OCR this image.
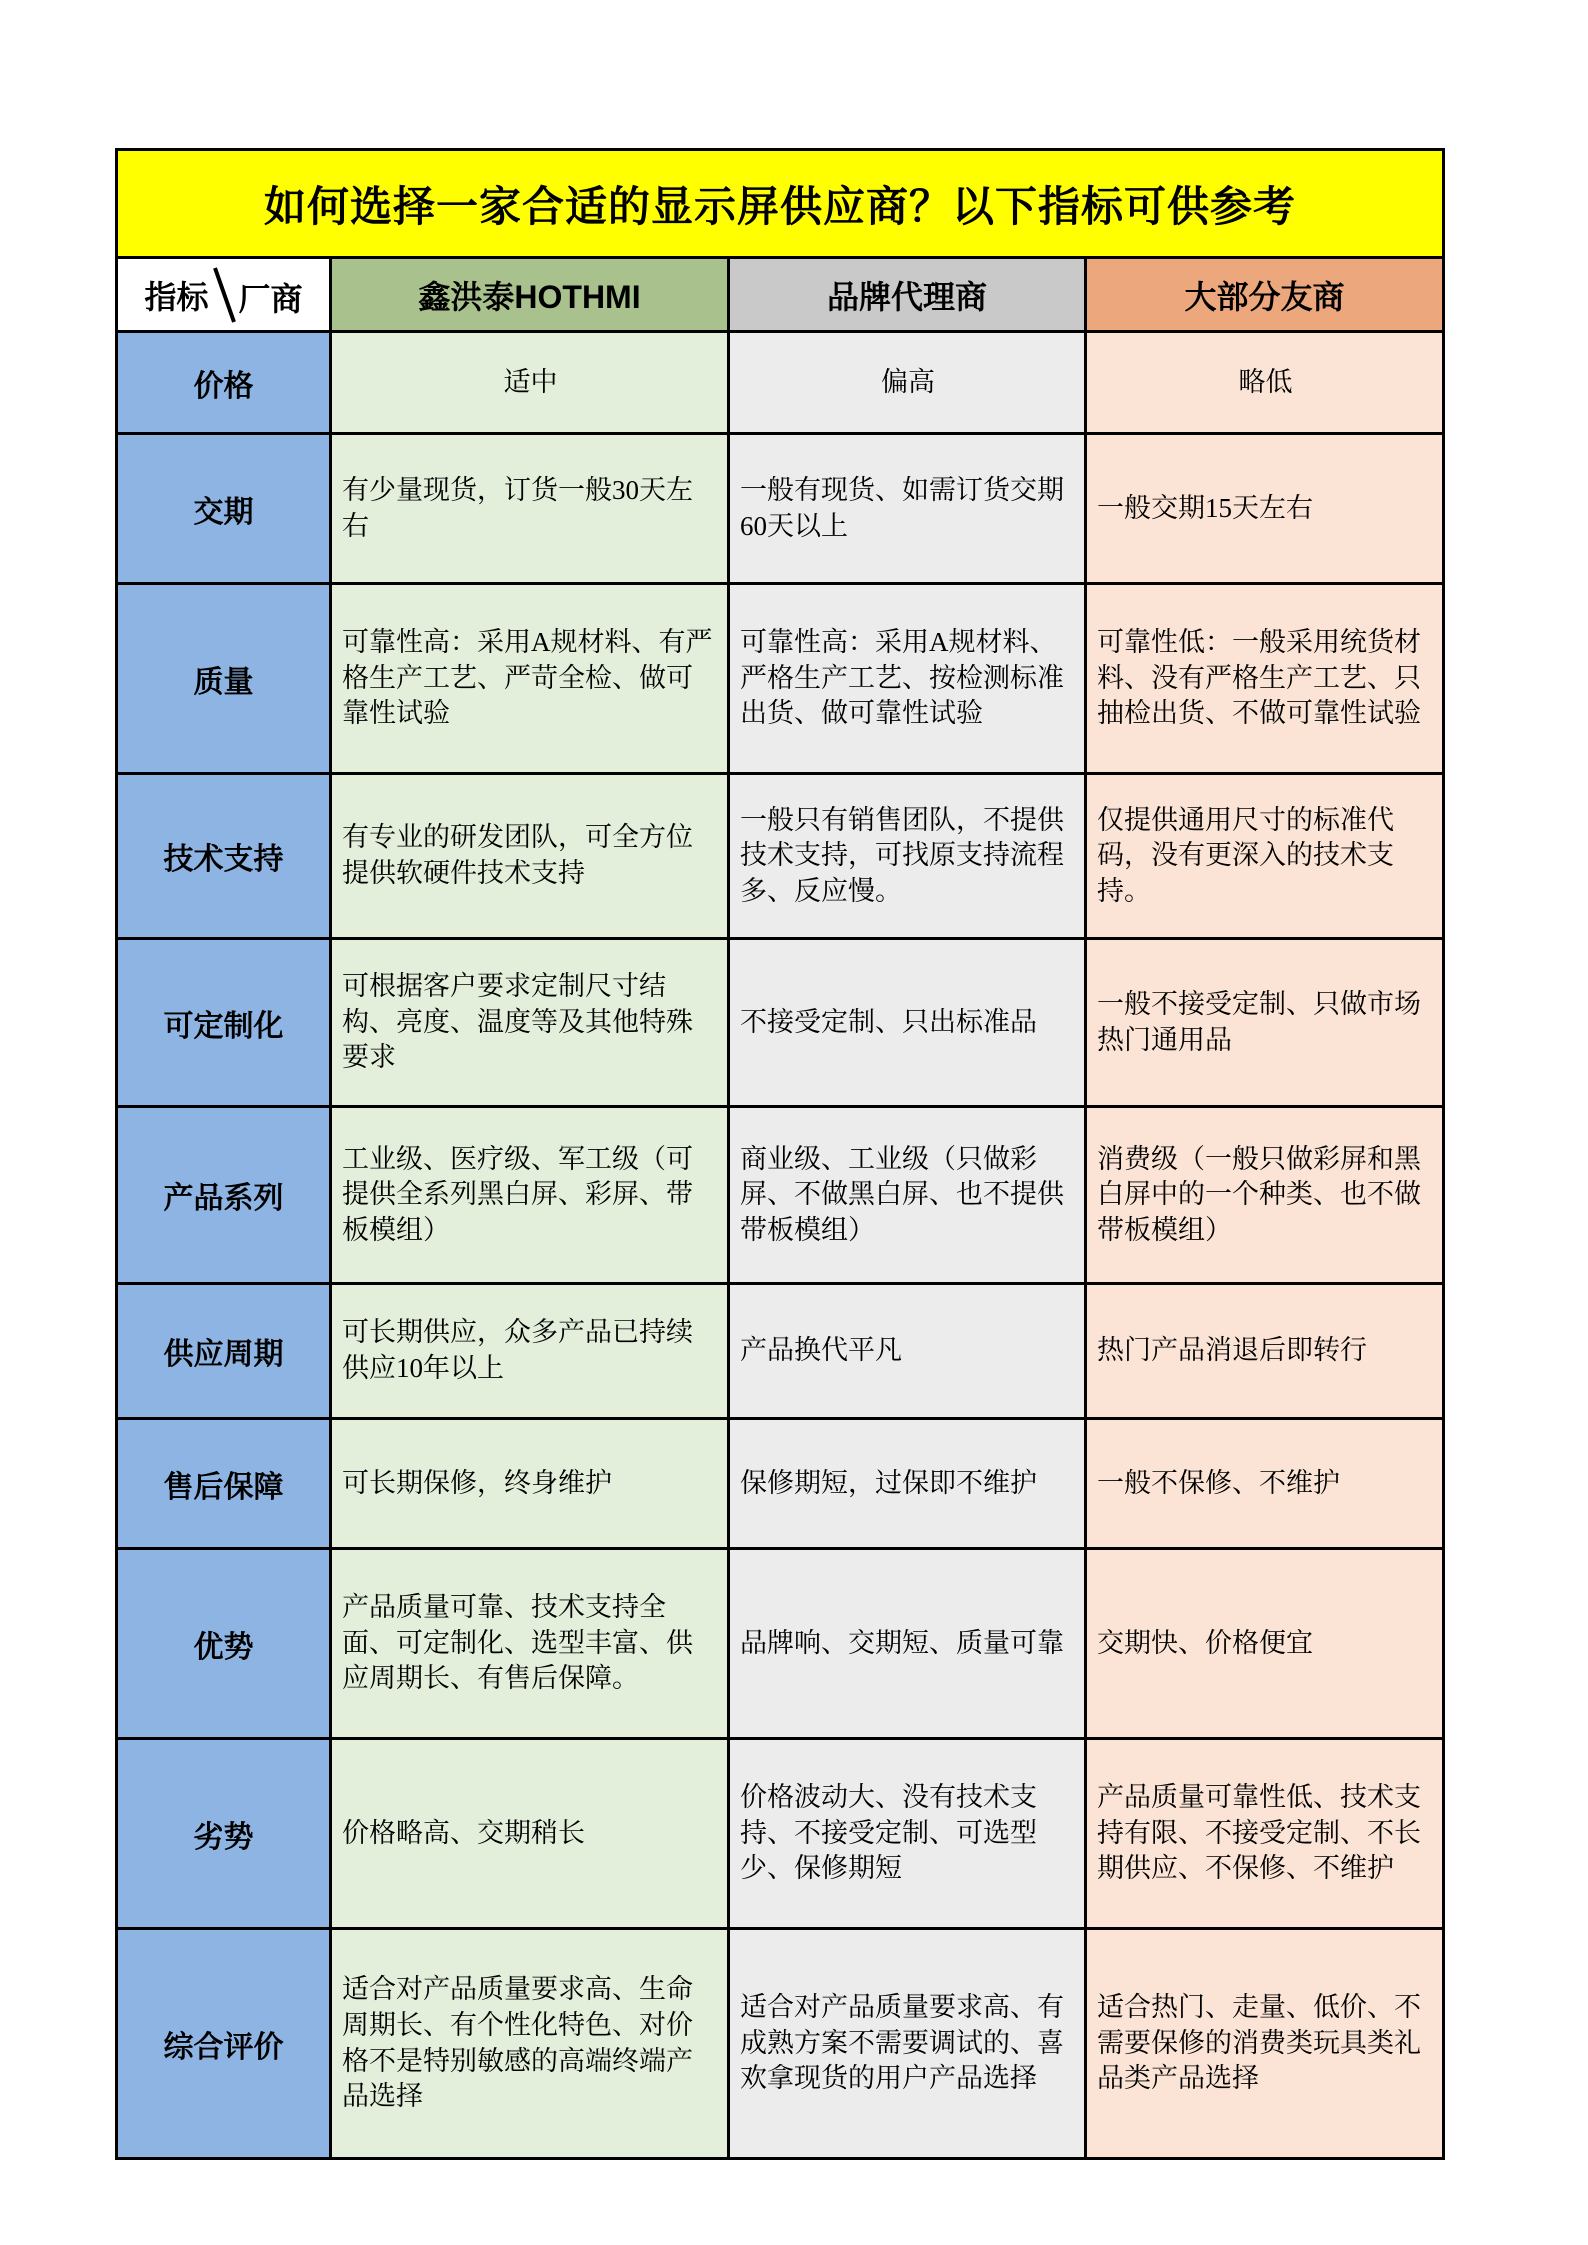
如何选择一家合适的显示屏供应商？以下指标可供参考			

指标 厂商	鑫洪泰HOTHMI	品牌代理商	大部分友商
价格	适中	偏高	略低
交期	有少量现货，订货一般30天左右	一般有现货、如需订货交期60天以上	一般交期15天左右
质量	可靠性高：采用A规材料、有严格生产工艺、严苛全检、做可靠性试验	可靠性高：采用A规材料、严格生产工艺、按检测标准出货、做可靠性试验	可靠性低：一般采用统货材料、没有严格生产工艺、只抽检出货、不做可靠性试验
技术支持	有专业的研发团队，可全方位提供软硬件技术支持	一般只有销售团队，不提供技术支持，可找原支持流程多、反应慢。	仅提供通用尺寸的标准代码，没有更深入的技术支持。
可定制化	可根据客户要求定制尺寸结构、亮度、温度等及其他特殊要求	不接受定制、只出标准品	一般不接受定制、只做市场热门通用品
产品系列	工业级、医疗级、军工级（可提供全系列黑白屏、彩屏、带板模组）	商业级、工业级（只做彩屏、不做黑白屏、也不提供带板模组）	消费级（一般只做彩屏和黑白屏中的一个种类、也不做带板模组）
供应周期	可长期供应，众多产品已持续供应10年以上	产品换代平凡	热门产品消退后即转行
售后保障	可长期保修，终身维护	保修期短，过保即不维护	一般不保修、不维护
优势	产品质量可靠、技术支持全面、可定制化、选型丰富、供应周期长、有售后保障。	品牌响、交期短、质量可靠	交期快、价格便宜
劣势	价格略高、交期稍长	价格波动大、没有技术支持、不接受定制、可选型少、保修期短	产品质量可靠性低、技术支持有限、不接受定制、不长期供应、不保修、不维护
综合评价	适合对产品质量要求高、生命周期长、有个性化特色、对价格不是特别敏感的高端终端产品选择	适合对产品质量要求高、有成熟方案不需要调试的、喜欢拿现货的用户产品选择	适合热门、走量、低价、不需要保修的消费类玩具类礼品类产品选择
